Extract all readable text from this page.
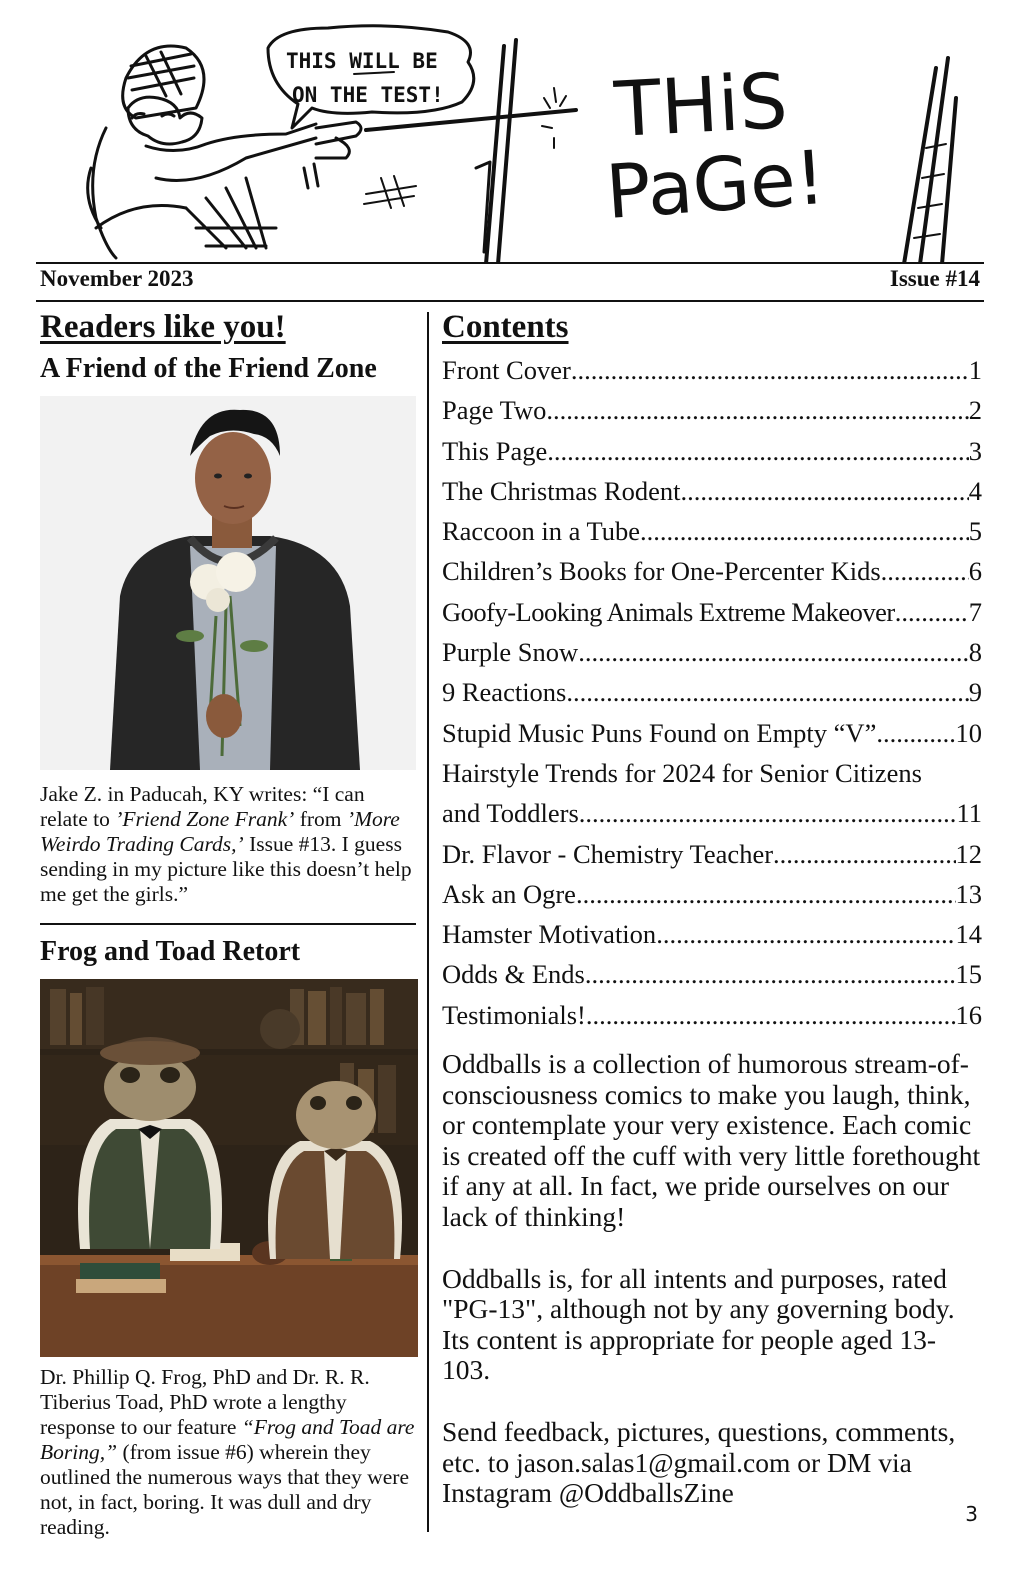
THIS WILL BE
ON THE TEST! THiS
PaGe!
November 2023	Issue #14
Readers like you!
A Friend of the Friend Zone
Jake Z. in Paducah, KY writes: “I can relate to ’Friend Zone Frank’ from ’More Weirdo Trading Cards,’ Issue #13. I guess sending in my picture like this doesn’t help me get the girls.”
Frog and Toad Retort
Dr. Phillip Q. Frog, PhD and Dr. R. R. Tiberius Toad, PhD wrote a lengthy response to our feature “Frog and Toad are Boring,” (from issue #6) wherein they outlined the numerous ways that they were not, in fact, boring. It was dull and dry reading.
Contents
Front Cover .....	1
Page Two .....	2
This Page .....	3
The Christmas Rodent .....	4
Raccoon in a Tube .....	5
Children’s Books for One-Percenter Kids .....	6
Goofy-Looking Animals Extreme Makeover .....	7
Purple Snow .....	8
9 Reactions .....	9
Stupid Music Puns Found on Empty “V” .....	10
Hairstyle Trends for 2024 for Senior Citizens
and Toddlers .....	11
Dr. Flavor - Chemistry Teacher .....	12
Ask an Ogre .....	13
Hamster Motivation .....	14
Odds & Ends .....	15
Testimonials! .....	16

Oddballs is a collection of humorous stream-of-consciousness comics to make you laugh, think, or contemplate your very existence. Each comic is created off the cuff with very little forethought if any at all. In fact, we pride ourselves on our lack of thinking!

Oddballs is, for all intents and purposes, rated "PG-13", although not by any governing body. Its content is appropriate for people aged 13-103.

Send feedback, pictures, questions, comments, etc. to jason.salas1@gmail.com or DM via Instagram @OddballsZine

3
